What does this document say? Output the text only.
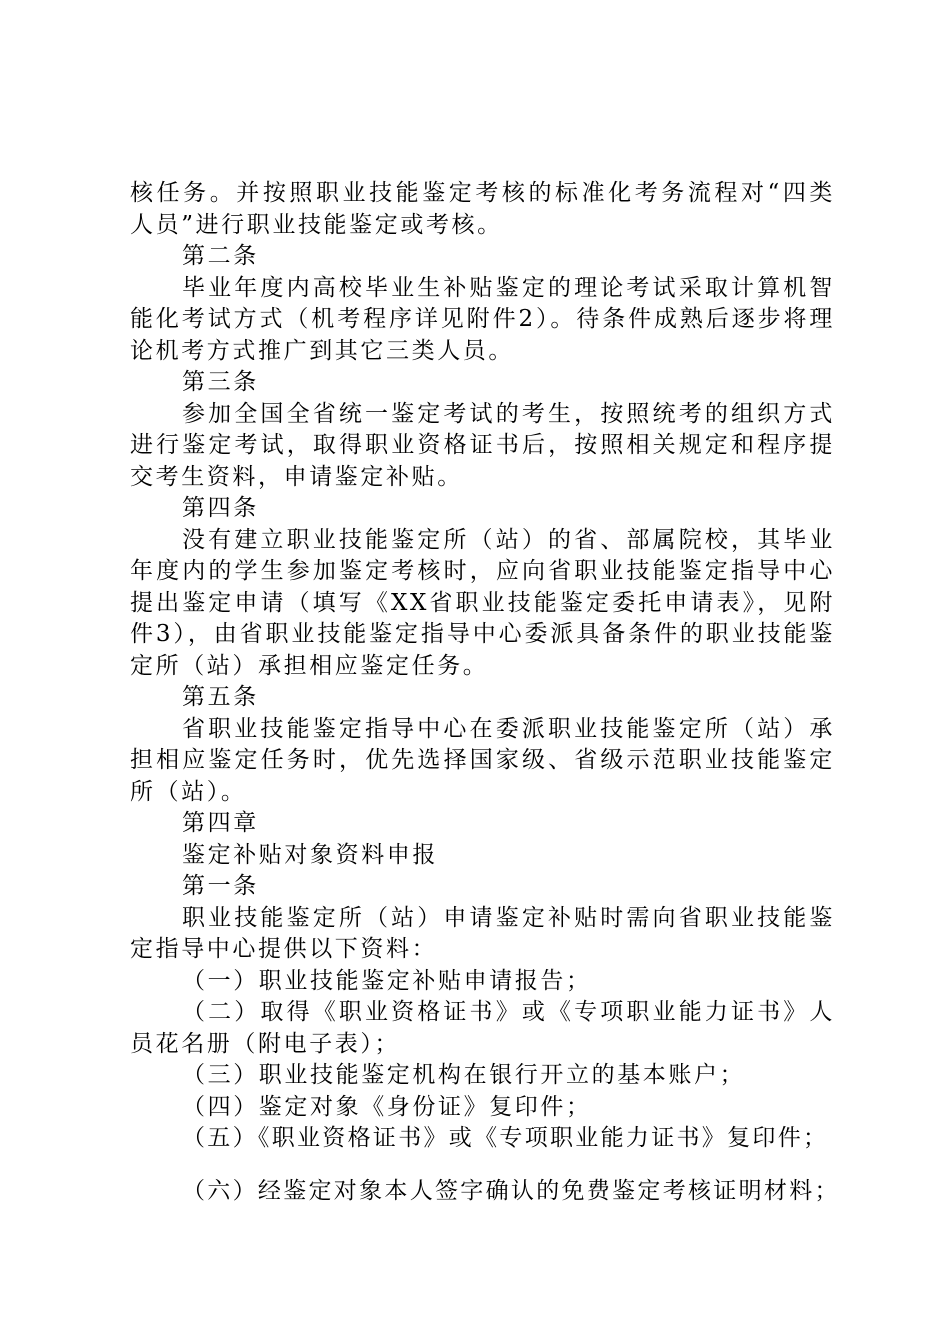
核任务。并按照职业技能鉴定考核的标准化考务流程对“四类人员”进行职业技能鉴定或考核。

第二条

毕业年度内高校毕业生补贴鉴定的理论考试采取计算机智能化考试方式（机考程序详见附件2）。待条件成熟后逐步将理论机考方式推广到其它三类人员。

第三条

参加全国全省统一鉴定考试的考生，按照统考的组织方式进行鉴定考试，取得职业资格证书后，按照相关规定和程序提交考生资料，申请鉴定补贴。

第四条

没有建立职业技能鉴定所（站）的省、部属院校，其毕业年度内的学生参加鉴定考核时，应向省职业技能鉴定指导中心提出鉴定申请（填写《XX省职业技能鉴定委托申请表》，见附件3），由省职业技能鉴定指导中心委派具备条件的职业技能鉴定所（站）承担相应鉴定任务。

第五条

省职业技能鉴定指导中心在委派职业技能鉴定所（站）承担相应鉴定任务时，优先选择国家级、省级示范职业技能鉴定所（站）。

第四章

鉴定补贴对象资料申报

第一条

职业技能鉴定所（站）申请鉴定补贴时需向省职业技能鉴定指导中心提供以下资料：

（一）职业技能鉴定补贴申请报告；

（二）取得《职业资格证书》或《专项职业能力证书》人员花名册（附电子表）；

（三）职业技能鉴定机构在银行开立的基本账户；

（四）鉴定对象《身份证》复印件；

（五）《职业资格证书》或《专项职业能力证书》复印件；

（六）经鉴定对象本人签字确认的免费鉴定考核证明材料；
